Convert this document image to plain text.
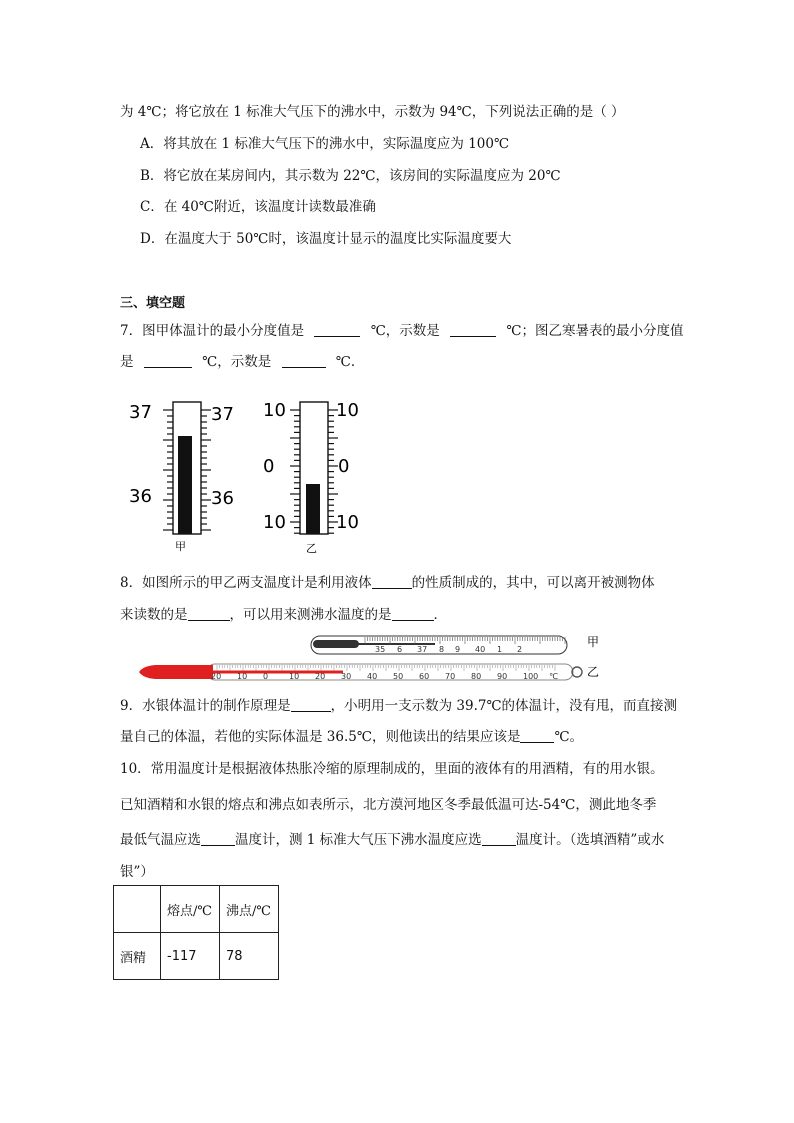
为 4℃；将它放在 1 标准大气压下的沸水中，示数为 94℃，下列说法正确的是（ ）
A．将其放在 1 标准大气压下的沸水中，实际温度应为 100℃
B．将它放在某房间内，其示数为 22℃，该房间的实际温度应为 20℃
C．在 40℃附近，该温度计读数最准确
D．在温度大于 50℃时，该温度计显示的温度比实际温度要大
三、填空题
7．图甲体温计的最小分度值是	℃，示数是	℃；图乙寒暑表的最小分度值
是	℃，示数是	℃．
37	37
36	36
甲
10	10
0	0
10	10
乙
8．如图所示的甲乙两支温度计是利用液体	的性质制成的，其中，可以离开被测物体
来读数的是	，可以用来测沸水温度的是	．
35 6 37 8 9 40 1 2
甲
20 10 0	10 20 30 40 50 60 70 80 90 100 ℃ 乙
9．水银体温计的制作原理是	，小明用一支示数为 39.7℃的体温计，没有甩，而直接测
量自己的体温，若他的实际体温是 36.5℃，则他读出的结果应该是	℃。
10．常用温度计是根据液体热胀冷缩的原理制成的，里面的液体有的用酒精，有的用水银。
已知酒精和水银的熔点和沸点如表所示，北方漠河地区冬季最低温可达-54℃，测此地冬季
最低气温应选	温度计，测 1 标准大气压下沸水温度应选	温度计。（选填酒精”或水
银”）
	熔点/℃	沸点/℃
酒精	-117	78
